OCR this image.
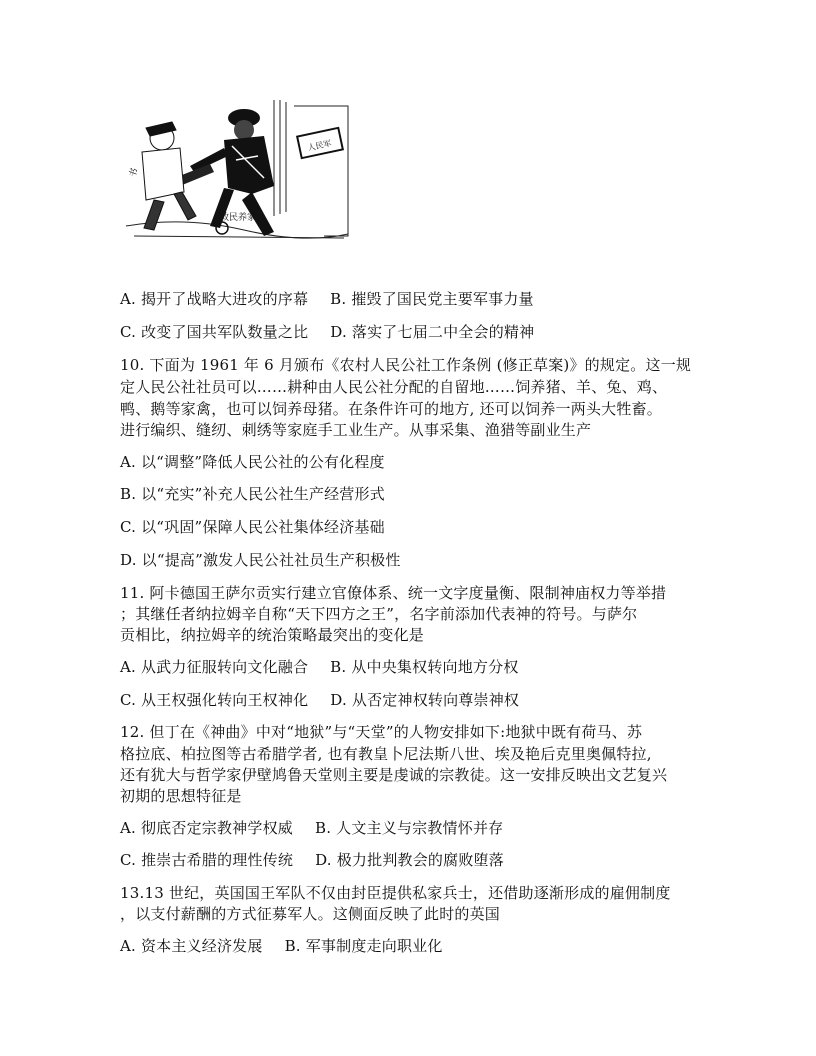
人民军
书
救民养家
A. 揭开了战略大进攻的序幕 B. 摧毁了国民党主要军事力量
C. 改变了国共军队数量之比 D. 落实了七届二中全会的精神
10. 下面为 1961 年 6 月颁布《农村人民公社工作条例 (修正草案)》的规定。这一规
定人民公社社员可以……耕种由人民公社分配的自留地……饲养猪、羊、兔、鸡、
鸭、鹅等家禽，也可以饲养母猪。在条件许可的地方, 还可以饲养一两头大牲畜。
进行编织、缝纫、刺绣等家庭手工业生产。从事采集、渔猎等副业生产
A. 以“调整”降低人民公社的公有化程度
B. 以“充实”补充人民公社生产经营形式
C. 以“巩固”保障人民公社集体经济基础
D. 以“提高”激发人民公社社员生产积极性
11. 阿卡德国王萨尔贡实行建立官僚体系、统一文字度量衡、限制神庙权力等举措
；其继任者纳拉姆辛自称“天下四方之王”，名字前添加代表神的符号。与萨尔
贡相比，纳拉姆辛的统治策略最突出的变化是
A. 从武力征服转向文化融合 B. 从中央集权转向地方分权
C. 从王权强化转向王权神化 D. 从否定神权转向尊崇神权
12. 但丁在《神曲》中对“地狱”与“天堂”的人物安排如下:地狱中既有荷马、苏
格拉底、柏拉图等古希腊学者, 也有教皇卜尼法斯八世、埃及艳后克里奥佩特拉,
还有犹大与哲学家伊壁鸠鲁天堂则主要是虔诚的宗教徒。这一安排反映出文艺复兴
初期的思想特征是
A. 彻底否定宗教神学权威 B. 人文主义与宗教情怀并存
C. 推崇古希腊的理性传统 D. 极力批判教会的腐败堕落
13.13 世纪，英国国王军队不仅由封臣提供私家兵士，还借助逐渐形成的雇佣制度
，以支付薪酬的方式征募军人。这侧面反映了此时的英国
A. 资本主义经济发展 B. 军事制度走向职业化
